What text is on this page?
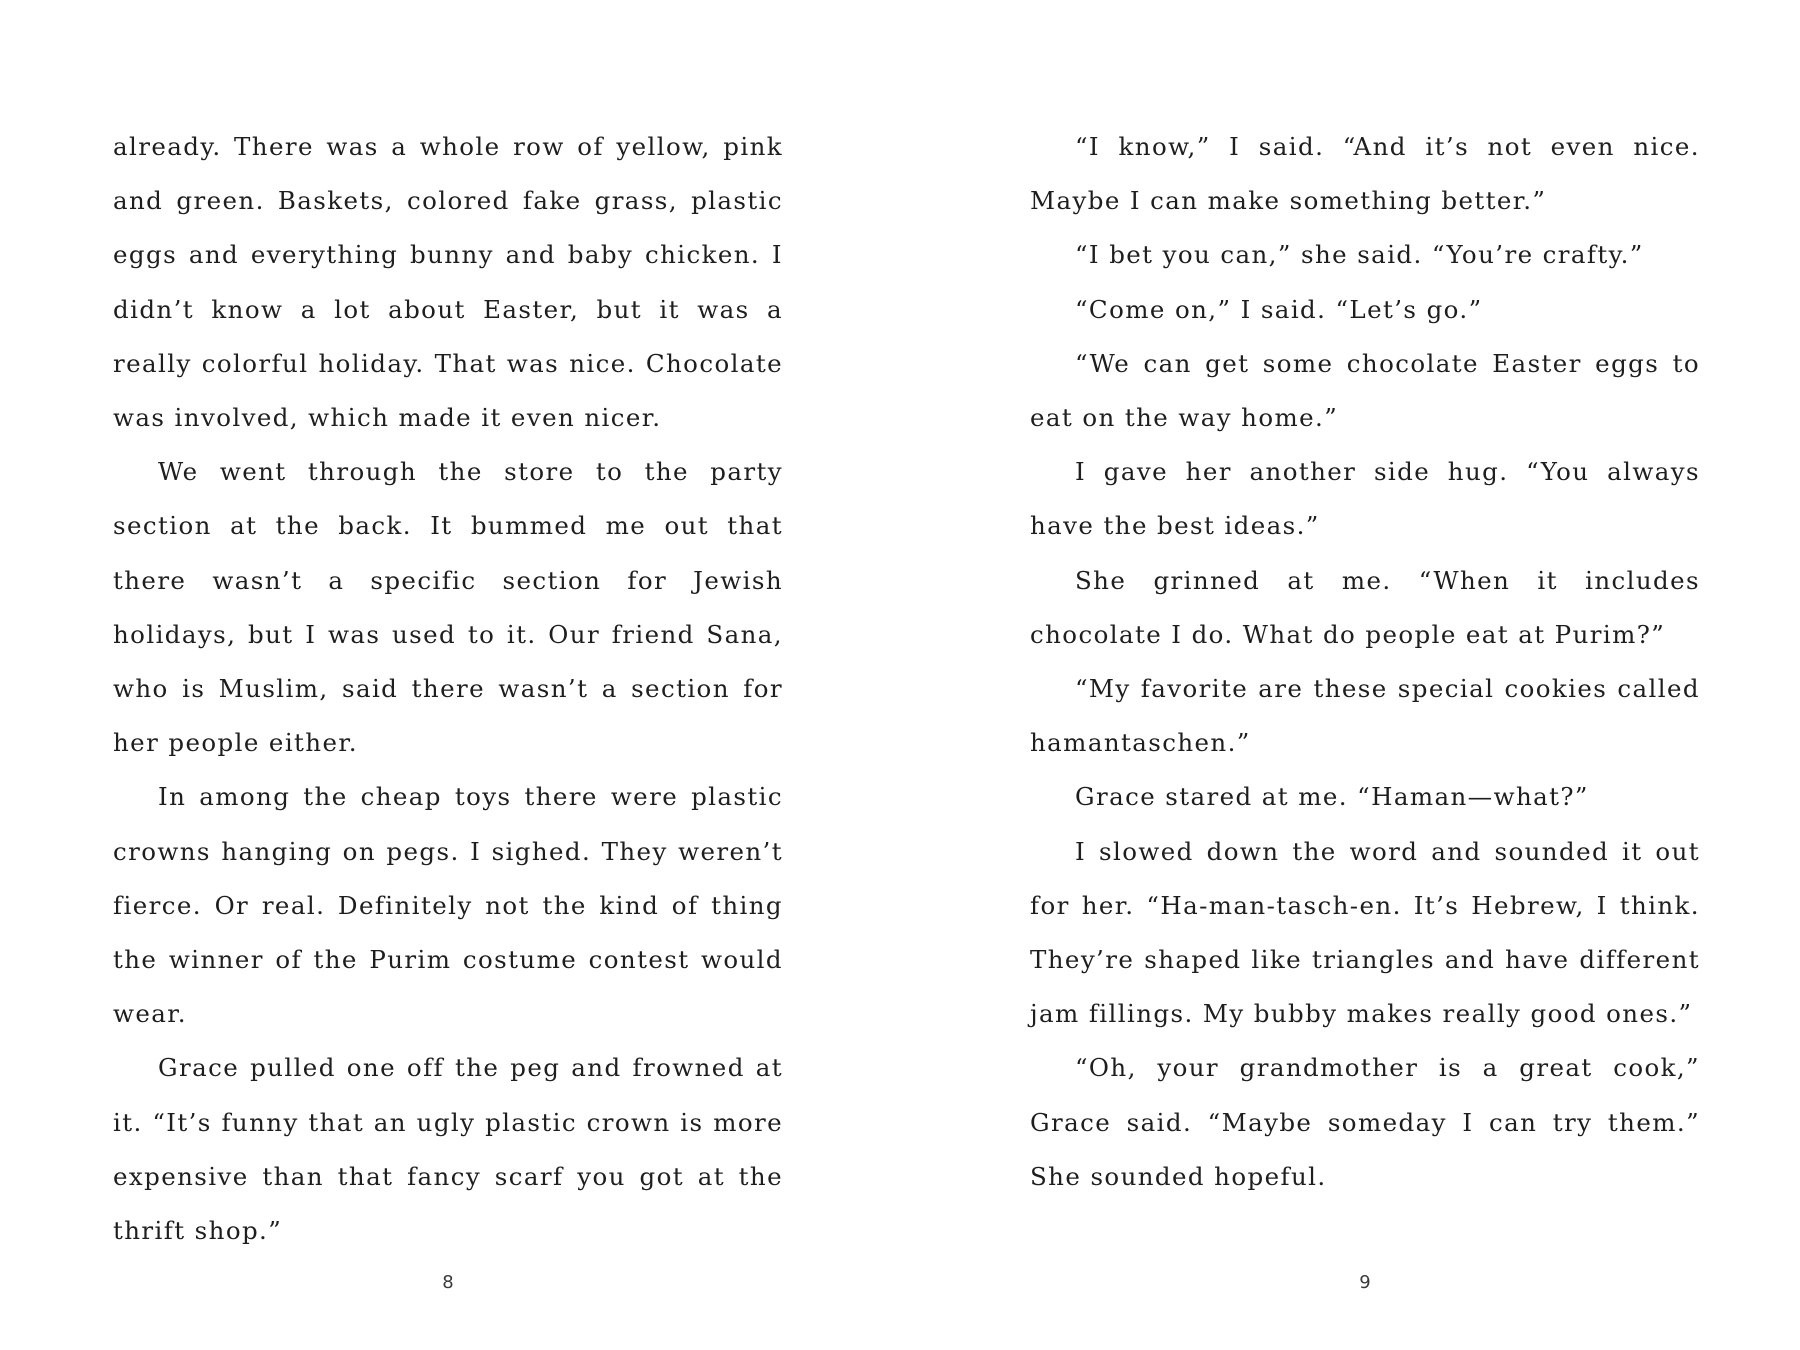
already. There was a whole row of yellow, pink and green. Baskets, colored fake grass, plastic eggs and everything bunny and baby chicken. I didn’t know a lot about Easter, but it was a really colorful holiday. That was nice. Chocolate was involved, which made it even nicer.

We went through the store to the party section at the back. It bummed me out that there wasn’t a specific section for Jewish holidays, but I was used to it. Our friend Sana, who is Muslim, said there wasn’t a section for her people either.

In among the cheap toys there were plastic crowns hanging on pegs. I sighed. They weren’t fierce. Or real. Definitely not the kind of thing the winner of the Purim costume contest would wear.

Grace pulled one off the peg and frowned at it. “It’s funny that an ugly plastic crown is more expensive than that fancy scarf you got at the thrift shop.”

8

“I know,” I said. “And it’s not even nice. Maybe I can make something better.”

“I bet you can,” she said. “You’re crafty.”

“Come on,” I said. “Let’s go.”

“We can get some chocolate Easter eggs to eat on the way home.”

I gave her another side hug. “You always have the best ideas.”

She grinned at me. “When it includes chocolate I do. What do people eat at Purim?”

“My favorite are these special cookies called hamantaschen.”

Grace stared at me. “Haman—what?”

I slowed down the word and sounded it out for her. “Ha-man-tasch-en. It’s Hebrew, I think. They’re shaped like triangles and have different jam fillings. My bubby makes really good ones.”

“Oh, your grandmother is a great cook,” Grace said. “Maybe someday I can try them.” She sounded hopeful.

9
